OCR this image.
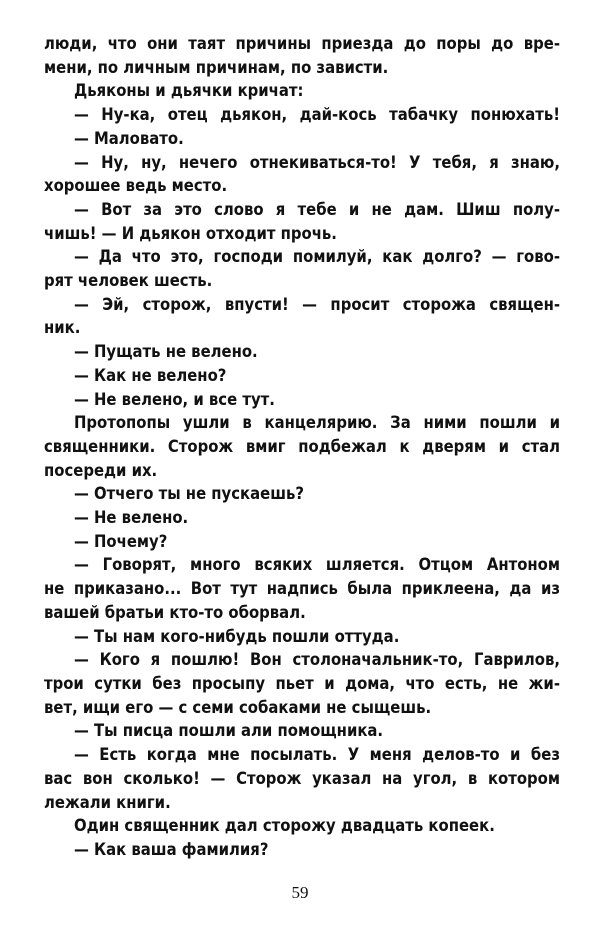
люди, что они таят причины приезда до поры до вре-
мени, по личным причинам, по зависти.
Дьяконы и дьячки кричат:
— Ну-ка, отец дьякон, дай-кось табачку понюхать!
— Маловато.
— Ну, ну, нечего отнекиваться-то! У тебя, я знаю,
хорошее ведь место.
— Вот за это слово я тебе и не дам. Шиш полу-
чишь! — И дьякон отходит прочь.
— Да что это, господи помилуй, как долго? — гово-
рят человек шесть.
— Эй, сторож, впусти! — просит сторожа священ-
ник.
— Пущать не велено.
— Как не велено?
— Не велено, и все тут.
Протопопы ушли в канцелярию. За ними пошли и
священники. Сторож вмиг подбежал к дверям и стал
посереди их.
— Отчего ты не пускаешь?
— Не велено.
— Почему?
— Говорят, много всяких шляется. Отцом Антоном
не приказано... Вот тут надпись была приклеена, да из
вашей братьи кто-то оборвал.
— Ты нам кого-нибудь пошли оттуда.
— Кого я пошлю! Вон столоначальник-то, Гаврилов,
трои сутки без просыпу пьет и дома, что есть, не жи-
вет, ищи его — с семи собаками не сыщешь.
— Ты писца пошли али помощника.
— Есть когда мне посылать. У меня делов-то и без
вас вон сколько! — Сторож указал на угол, в котором
лежали книги.
Один священник дал сторожу двадцать копеек.
— Как ваша фамилия?
59
